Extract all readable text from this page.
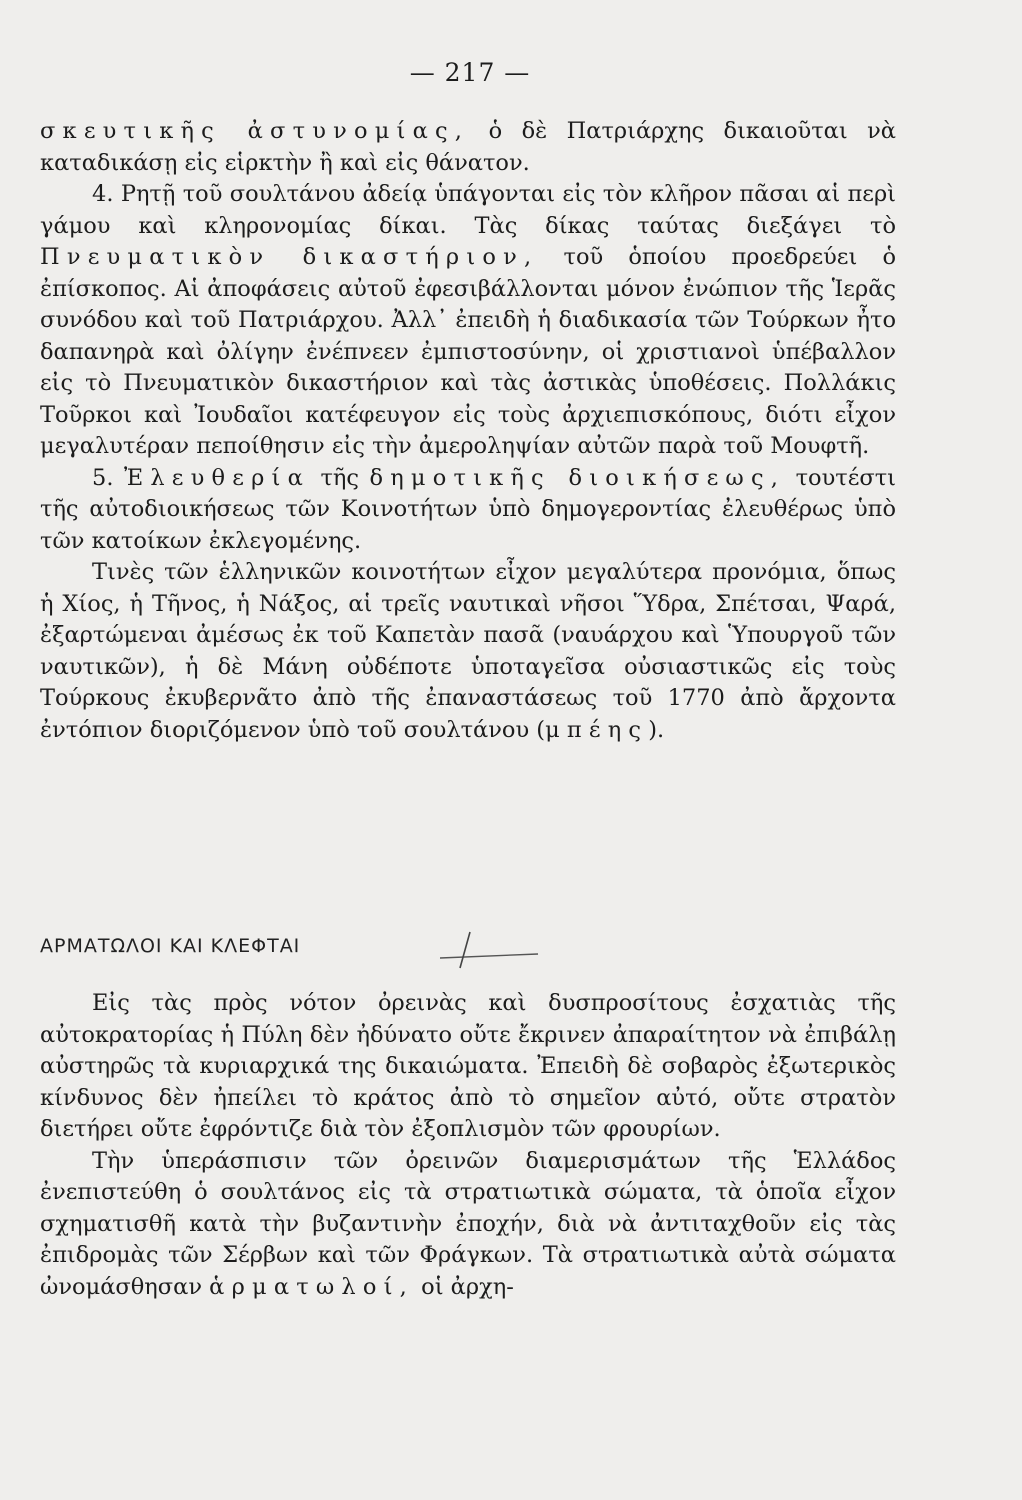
— 217 —

σκευτικῆς ἀστυνομίας, ὁ δὲ Πατριάρχης δικαιοῦται νὰ καταδικάσῃ εἰς εἱρκτὴν ἢ καὶ εἰς θάνατον.

4. Ρητῇ τοῦ σουλτάνου ἀδείᾳ ὑπάγονται εἰς τὸν κλῆρον πᾶσαι αἱ περὶ γάμου καὶ κληρονομίας δίκαι. Τὰς δίκας ταύτας διεξάγει τὸ Πνευματικὸν δικαστήριον, τοῦ ὁποίου προεδρεύει ὁ ἐπίσκοπος. Αἱ ἀποφάσεις αὐτοῦ ἐφεσιβάλλονται μόνον ἐνώπιον τῆς Ἱερᾶς συνόδου καὶ τοῦ Πατριάρχου. Ἀλλ᾽ ἐπειδὴ ἡ διαδικασία τῶν Τούρκων ἦτο δαπανηρὰ καὶ ὀλίγην ἐνέπνεεν ἐμπιστοσύνην, οἱ χριστιανοὶ ὑπέβαλλον εἰς τὸ Πνευματικὸν δικαστήριον καὶ τὰς ἀστικὰς ὑποθέσεις. Πολλάκις Τοῦρκοι καὶ Ἰουδαῖοι κατέφευγον εἰς τοὺς ἀρχιεπισκόπους, διότι εἶχον μεγαλυτέραν πεποίθησιν εἰς τὴν ἀμεροληψίαν αὐτῶν παρὰ τοῦ Μουφτῆ.

5. Ἐλευθερία τῆς δημοτικῆς διοικήσεως, τουτέστι τῆς αὐτοδιοικήσεως τῶν Κοινοτήτων ὑπὸ δημογεροντίας ἐλευθέρως ὑπὸ τῶν κατοίκων ἐκλεγομένης.

Τινὲς τῶν ἑλληνικῶν κοινοτήτων εἶχον μεγαλύτερα προνόμια, ὅπως ἡ Χίος, ἡ Τῆνος, ἡ Νάξος, αἱ τρεῖς ναυτικαὶ νῆσοι Ὕδρα, Σπέτσαι, Ψαρά, ἐξαρτώμεναι ἀμέσως ἐκ τοῦ Καπετὰν πασᾶ (ναυάρχου καὶ Ὑπουργοῦ τῶν ναυτικῶν), ἡ δὲ Μάνη οὐδέποτε ὑποταγεῖσα οὐσιαστικῶς εἰς τοὺς Τούρκους ἐκυβερνᾶτο ἀπὸ τῆς ἐπαναστάσεως τοῦ 1770 ἀπὸ ἄρχοντα ἐντόπιον διοριζόμενον ὑπὸ τοῦ σουλτάνου (μπέης).

ΑΡΜΑΤΩΛΟΙ ΚΑΙ ΚΛΕΦΤΑΙ

Εἰς τὰς πρὸς νότον ὀρεινὰς καὶ δυσπροσίτους ἐσχατιὰς τῆς αὐτοκρατορίας ἡ Πύλη δὲν ἠδύνατο οὔτε ἔκρινεν ἀπαραίτητον νὰ ἐπιβάλῃ αὐστηρῶς τὰ κυριαρχικά της δικαιώματα. Ἐπειδὴ δὲ σοβαρὸς ἐξωτερικὸς κίνδυνος δὲν ἠπείλει τὸ κράτος ἀπὸ τὸ σημεῖον αὐτό, οὔτε στρατὸν διετήρει οὔτε ἐφρόντιζε διὰ τὸν ἐξοπλισμὸν τῶν φρουρίων.

Τὴν ὑπεράσπισιν τῶν ὀρεινῶν διαμερισμάτων τῆς Ἑλλάδος ἐνεπιστεύθη ὁ σουλτάνος εἰς τὰ στρατιωτικὰ σώματα, τὰ ὁποῖα εἶχον σχηματισθῆ κατὰ τὴν βυζαντινὴν ἐποχήν, διὰ νὰ ἀντιταχθοῦν εἰς τὰς ἐπιδρομὰς τῶν Σέρβων καὶ τῶν Φράγκων. Τὰ στρατιωτικὰ αὐτὰ σώματα ὠνομάσθησαν ἁρματωλοί, οἱ ἀρχη-
